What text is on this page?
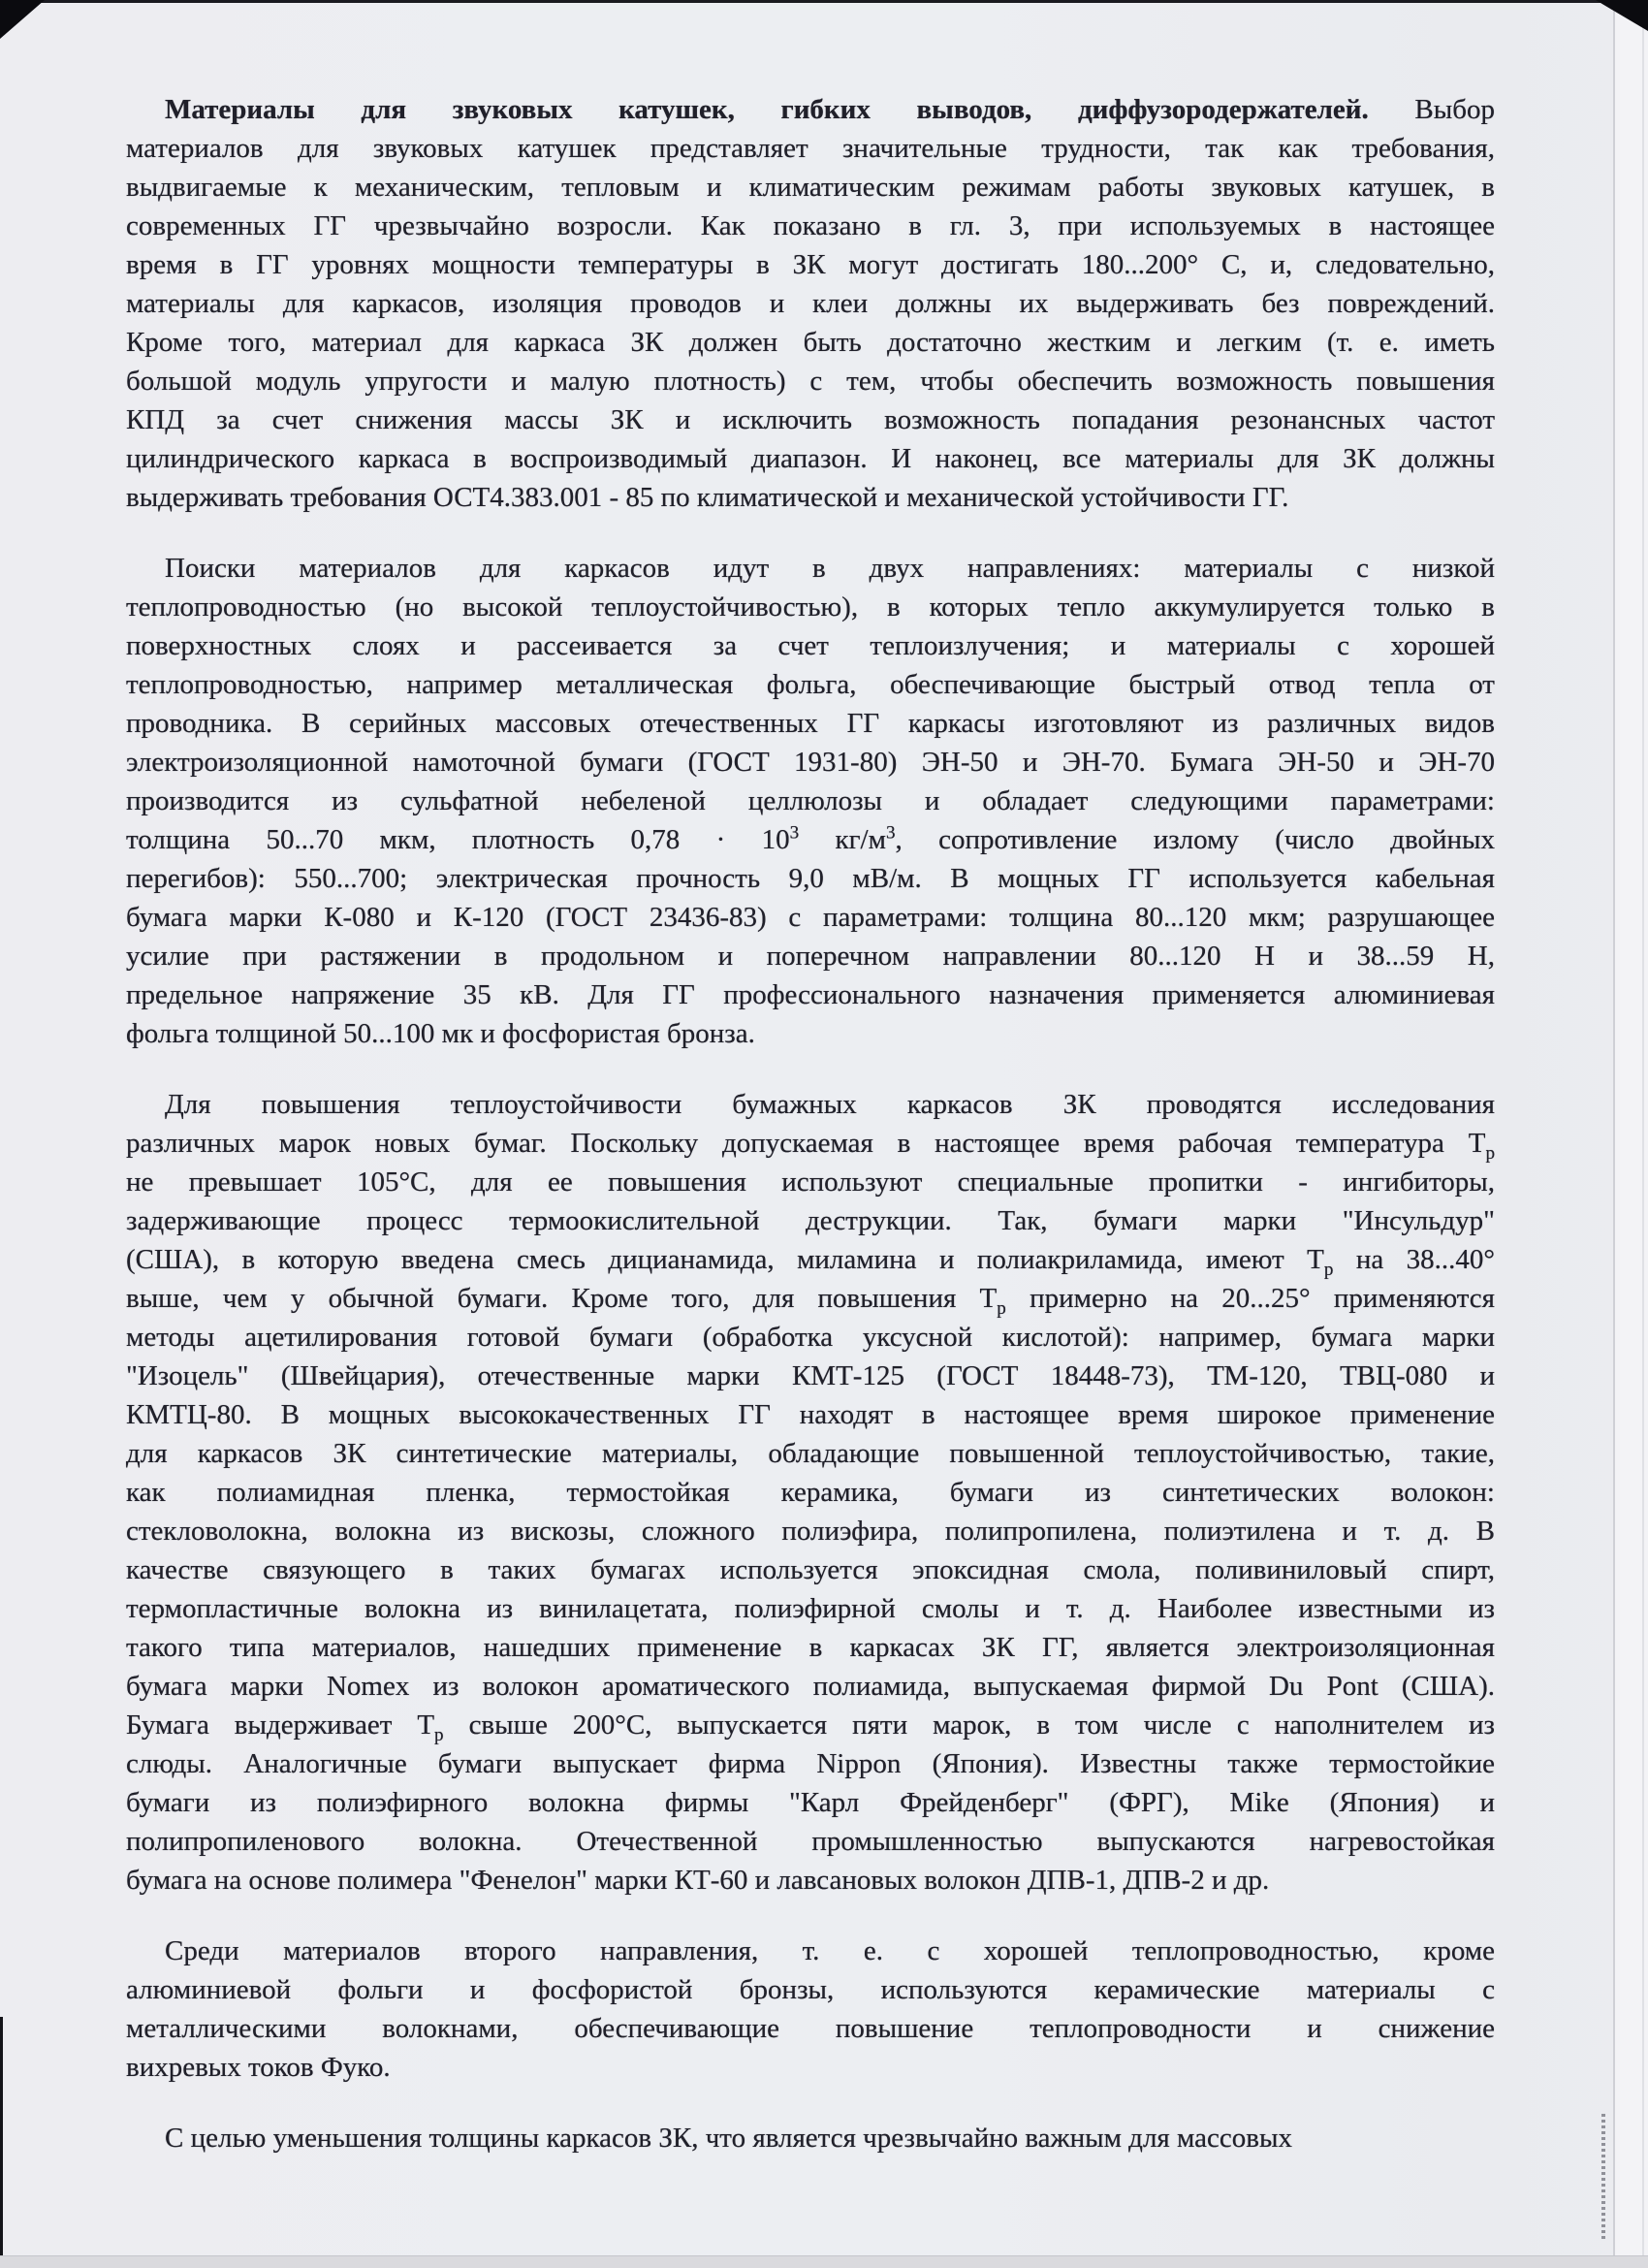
Материалы для звуковых катушек, гибких выводов, диффузородержателей. Выбор
материалов для звуковых катушек представляет значительные трудности, так как требования,
выдвигаемые к механическим, тепловым и климатическим режимам работы звуковых катушек, в
современных ГГ чрезвычайно возросли. Как показано в гл. 3, при используемых в настоящее
время в ГГ уровнях мощности температуры в ЗК могут достигать 180...200° С, и, следовательно,
материалы для каркасов, изоляция проводов и клеи должны их выдерживать без повреждений.
Кроме того, материал для каркаса ЗК должен быть достаточно жестким и легким (т. е. иметь
большой модуль упругости и малую плотность) с тем, чтобы обеспечить возможность повышения
КПД за счет снижения массы ЗК и исключить возможность попадания резонансных частот
цилиндрического каркаса в воспроизводимый диапазон. И наконец, все материалы для ЗК должны
выдерживать требования ОСТ4.383.001 - 85 по климатической и механической устойчивости ГГ.
Поиски материалов для каркасов идут в двух направлениях: материалы с низкой
теплопроводностью (но высокой теплоустойчивостью), в которых тепло аккумулируется только в
поверхностных слоях и рассеивается за счет теплоизлучения; и материалы с хорошей
теплопроводностью, например металлическая фольга, обеспечивающие быстрый отвод тепла от
проводника. В серийных массовых отечественных ГГ каркасы изготовляют из различных видов
электроизоляционной намоточной бумаги (ГОСТ 1931-80) ЭН-50 и ЭН-70. Бумага ЭН-50 и ЭН-70
производится из сульфатной небеленой целлюлозы и обладает следующими параметрами:
толщина 50...70 мкм, плотность $0,78 \cdot 10^3$ $кг/м^3$, сопротивление излому (число двойных
перегибов): 550...700; электрическая прочность 9,0 мВ/м. В мощных ГГ используется кабельная
бумага марки К-080 и К-120 (ГОСТ 23436-83) с параметрами: толщина 80...120 мкм; разрушающее
усилие при растяжении в продольном и поперечном направлении 80...120 Н и 38...59 Н,
предельное напряжение 35 кВ. Для ГГ профессионального назначения применяется алюминиевая
фольга толщиной 50...100 мк и фосфористая бронза.
Для повышения теплоустойчивости бумажных каркасов ЗК проводятся исследования
различных марок новых бумаг. Поскольку допускаемая в настоящее время рабочая температура $Т_р$
не превышает 105°С, для ее повышения используют специальные пропитки - ингибиторы,
задерживающие процесс термоокислительной деструкции. Так, бумаги марки "Инсульдур"
(США), в которую введена смесь дицианамида, миламина и полиакриламида, имеют $Т_р$ на 38...40°
выше, чем у обычной бумаги. Кроме того, для повышения $Т_р$ примерно на 20...25° применяются
методы ацетилирования готовой бумаги (обработка уксусной кислотой): например, бумага марки
"Изоцель" (Швейцария), отечественные марки КМТ-125 (ГОСТ 18448-73), ТМ-120, ТВЦ-080 и
КМТЦ-80. В мощных высококачественных ГГ находят в настоящее время широкое применение
для каркасов ЗК синтетические материалы, обладающие повышенной теплоустойчивостью, такие,
как полиамидная пленка, термостойкая керамика, бумаги из синтетических волокон:
стекловолокна, волокна из вискозы, сложного полиэфира, полипропилена, полиэтилена и т. д. В
качестве связующего в таких бумагах используется эпоксидная смола, поливиниловый спирт,
термопластичные волокна из винилацетата, полиэфирной смолы и т. д. Наиболее известными из
такого типа материалов, нашедших применение в каркасах ЗК ГГ, является электроизоляционная
бумага марки Nomex из волокон ароматического полиамида, выпускаемая фирмой Du Pont (США).
Бумага выдерживает $Т_р$ свыше 200°С, выпускается пяти марок, в том числе с наполнителем из
слюды. Аналогичные бумаги выпускает фирма Nippon (Япония). Известны также термостойкие
бумаги из полиэфирного волокна фирмы "Карл Фрейденберг" (ФРГ), Mike (Япония) и
полипропиленового волокна. Отечественной промышленностью выпускаются нагревостойкая
бумага на основе полимера "Фенелон" марки КТ-60 и лавсановых волокон ДПВ-1, ДПВ-2 и др.
Среди материалов второго направления, т. е. с хорошей теплопроводностью, кроме
алюминиевой фольги и фосфористой бронзы, используются керамические материалы с
металлическими волокнами, обеспечивающие повышение теплопроводности и снижение
вихревых токов Фуко.
С целью уменьшения толщины каркасов ЗК, что является чрезвычайно важным для массовых
